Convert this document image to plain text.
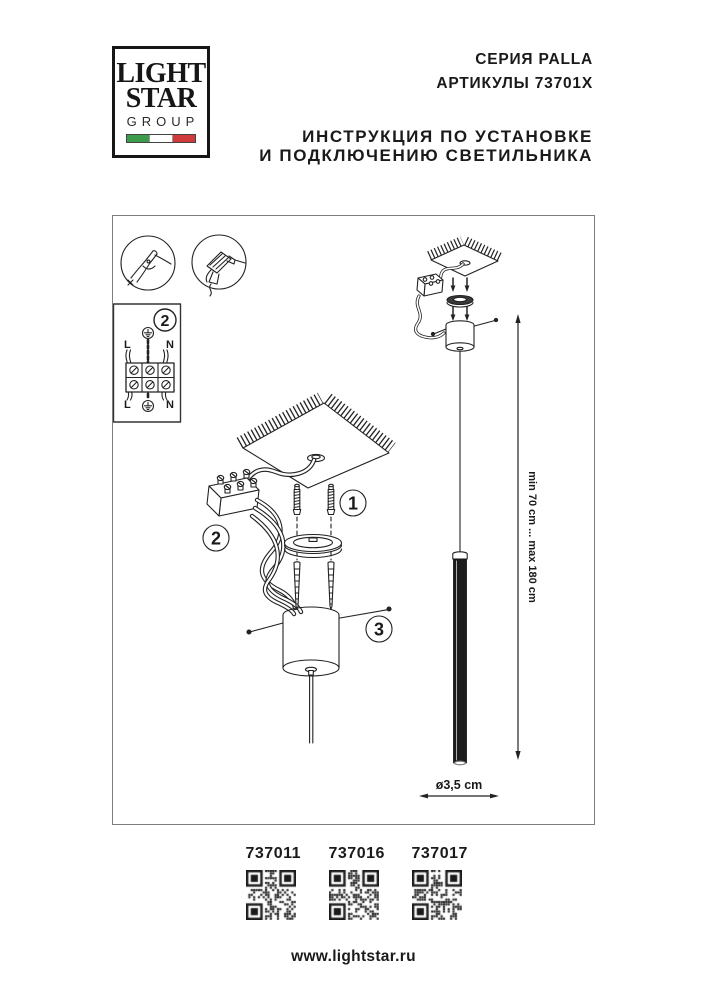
LIGHT
STAR
GROUP
СЕРИЯ PALLA
АРТИКУЛЫ 73701X
ИНСТРУКЦИЯ ПО УСТАНОВКЕ
И ПОДКЛЮЧЕНИЮ СВЕТИЛЬНИКА
2
L	N
L	N
2
1
3
min 70 cm ... max 180 cm
ø3,5 cm
737011 737016 737017
www.lightstar.ru
